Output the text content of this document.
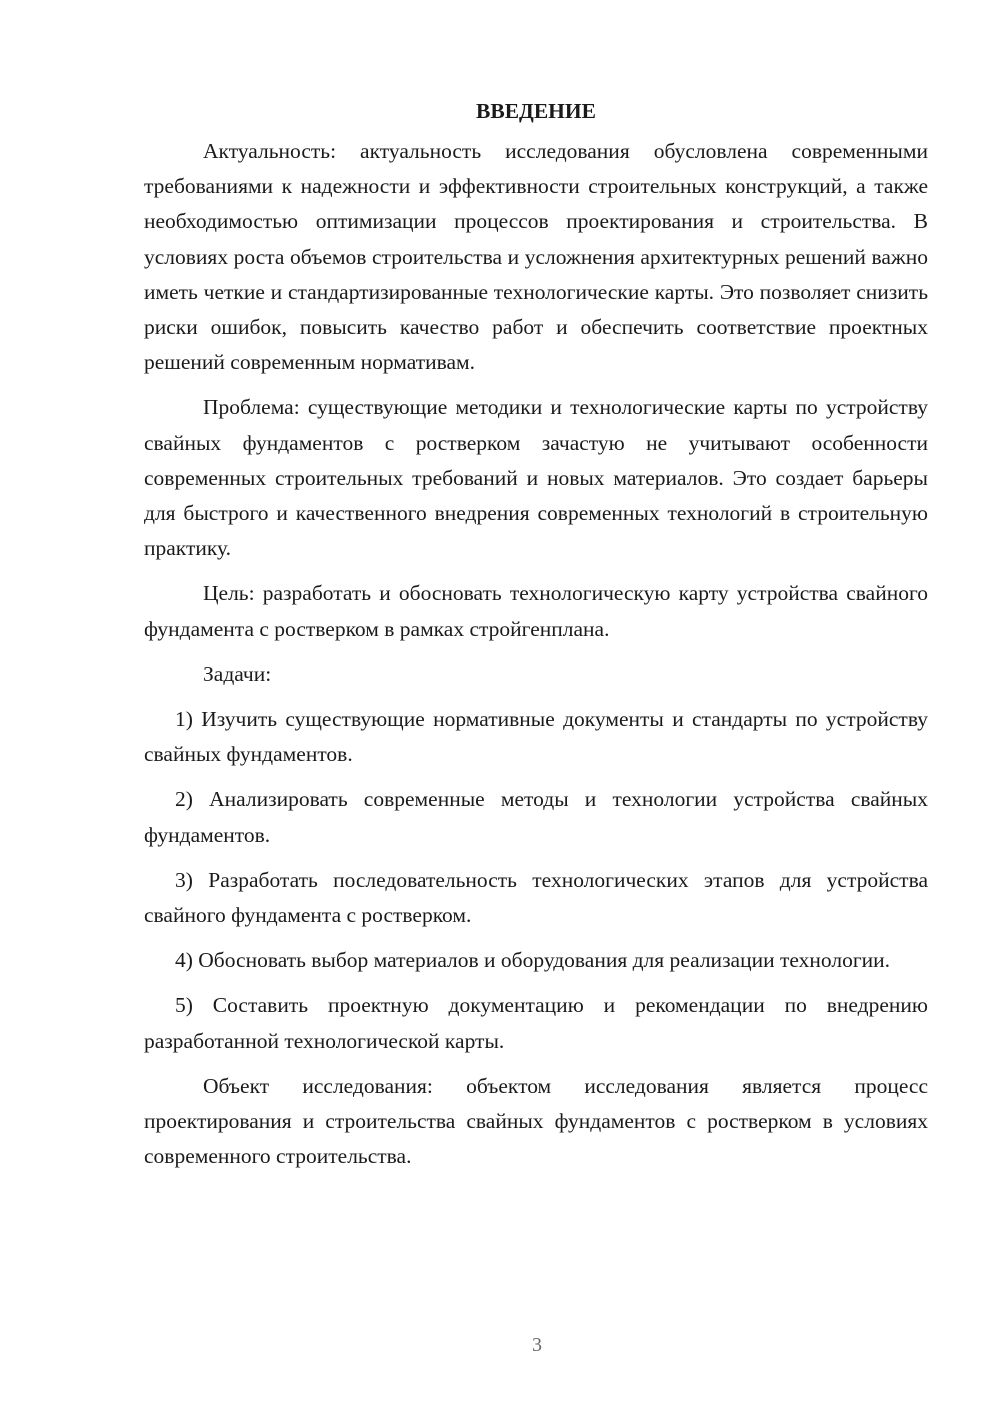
ВВЕДЕНИЕ

Актуальность: актуальность исследования обусловлена современными требованиями к надежности и эффективности строительных конструкций, а также необходимостью оптимизации процессов проектирования и строительства. В условиях роста объемов строительства и усложнения архитектурных решений важно иметь четкие и стандартизированные технологические карты. Это позволяет снизить риски ошибок, повысить качество работ и обеспечить соответствие проектных решений современным нормативам.

Проблема: существующие методики и технологические карты по устройству свайных фундаментов с ростверком зачастую не учитывают особенности современных строительных требований и новых материалов. Это создает барьеры для быстрого и качественного внедрения современных технологий в строительную практику.

Цель: разработать и обосновать технологическую карту устройства свайного фундамента с ростверком в рамках стройгенплана.

Задачи:

1) Изучить существующие нормативные документы и стандарты по устройству свайных фундаментов.

2) Анализировать современные методы и технологии устройства свайных фундаментов.

3) Разработать последовательность технологических этапов для устройства свайного фундамента с ростверком.

4) Обосновать выбор материалов и оборудования для реализации технологии.

5) Составить проектную документацию и рекомендации по внедрению разработанной технологической карты.

Объект исследования: объектом исследования является процесс проектирования и строительства свайных фундаментов с ростверком в условиях современного строительства.

3
